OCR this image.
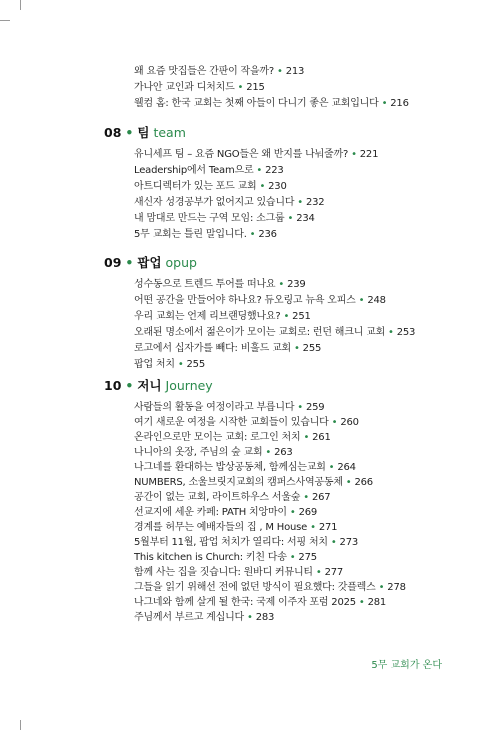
왜 요즘 맛집들은 간판이 작을까? • 213
가나안 교인과 디처치드 • 215
웰컴 홈: 한국 교회는 첫째 아들이 다니기 좋은 교회입니다 • 216
08 • 팀 team
유니세프 팀 – 요즘 NGO들은 왜 반지를 나눠줄까? • 221
Leadership에서 Team으로 • 223
아트디렉터가 있는 포드 교회 • 230
새신자 성경공부가 없어지고 있습니다 • 232
내 맘대로 만드는 구역 모임: 소그룹 • 234
5무 교회는 틀린 말입니다. • 236
09 • 팝업 opup
성수동으로 트렌드 투어를 떠나요 • 239
어떤 공간을 만들어야 하나요? 듀오링고 뉴욕 오피스 • 248
우리 교회는 언제 리브랜딩했나요? • 251
오래된 명소에서 젊은이가 모이는 교회로: 런던 해크니 교회 • 253
로고에서 십자가를 빼다: 비훌드 교회 • 255
팝업 처치 • 255
10 • 저니 Journey
사람들의 활동을 여정이라고 부릅니다 • 259
여기 새로운 여정을 시작한 교회들이 있습니다 • 260
온라인으로만 모이는 교회: 로그인 처치 • 261
나니아의 옷장, 주님의 숲 교회 • 263
나그네를 환대하는 밥상공동체, 함께심는교회 • 264
NUMBERS, 소울브릿지교회의 캠퍼스사역공동체 • 266
공간이 없는 교회, 라이트하우스 서울숲 • 267
선교지에 세운 카페: PATH 치앙마이 • 269
경계를 허무는 예배자들의 집 , M House • 271
5월부터 11월, 팝업 처치가 열리다: 서핑 처치 • 273
This kitchen is Church: 키친 다송 • 275
함께 사는 집을 짓습니다: 원바디 커뮤니티 • 277
그들을 읽기 위해선 전에 없던 방식이 필요했다: 갓플렉스 • 278
나그네와 함께 살게 될 한국: 국제 이주자 포럼 2025 • 281
주님께서 부르고 계십니다 • 283
5무 교회가 온다
